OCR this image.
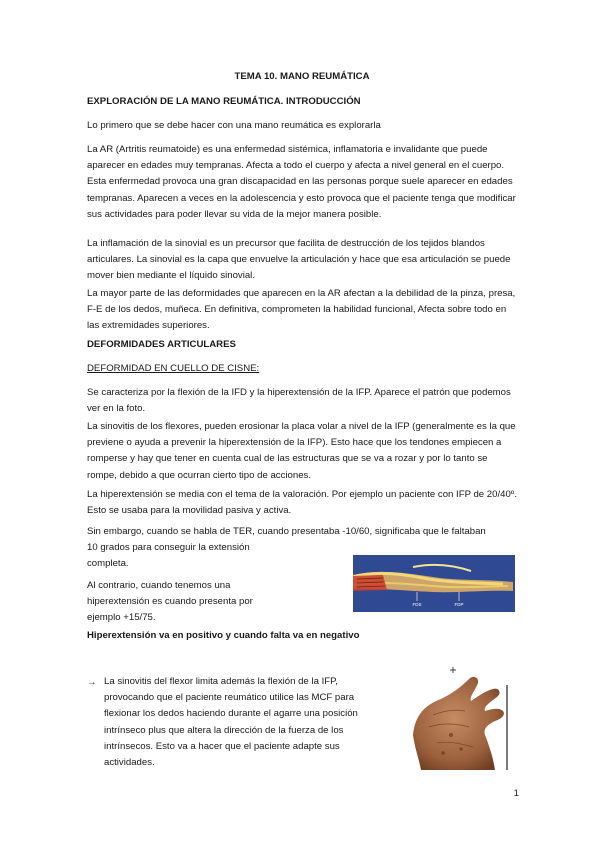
TEMA 10. MANO REUMÁTICA

EXPLORACIÓN DE LA MANO REUMÁTICA. INTRODUCCIÓN

Lo primero que se debe hacer con una mano reumática es explorarla

La AR (Artritis reumatoide) es una enfermedad sistémica, inflamatoria e invalidante que puede aparecer en edades muy tempranas. Afecta a todo el cuerpo y afecta a nivel general en el cuerpo. Esta enfermedad provoca una gran discapacidad en las personas porque suele aparecer en edades tempranas. Aparecen a veces en la adolescencia y esto provoca que el paciente tenga que modificar sus actividades para poder llevar su vida de la mejor manera posible.

La inflamación de la sinovial es un precursor que facilita de destrucción de los tejidos blandos articulares. La sinovial es la capa que envuelve la articulación y hace que esa articulación se puede mover bien mediante el líquido sinovial.

La mayor parte de las deformidades que aparecen en la AR afectan a la debilidad de la pinza, presa, F-E de los dedos, muñeca. En definitiva, comprometen la habilidad funcional, Afecta sobre todo en las extremidades superiores.

DEFORMIDADES ARTICULARES

DEFORMIDAD EN CUELLO DE CISNE:

Se caracteriza por la flexión de la IFD y la hiperextensión de la IFP. Aparece el patrón que podemos ver en la foto.

La sinovitis de los flexores, pueden erosionar la placa volar a nivel de la IFP (generalmente es la que previene o ayuda a prevenir la hiperextensión de la IFP). Esto hace que los tendones empiecen a romperse y hay que tener en cuenta cual de las estructuras que se va a rozar y por lo tanto se rompe, debido a que ocurran cierto tipo de acciones.

La hiperextensión se media con el tema de la valoración. Por ejemplo un paciente con IFP de 20/40º. Esto se usaba para la movilidad pasiva y activa.

Al contrario, cuando tenemos una hiperextensión es cuando presenta por ejemplo +15/75.

Hiperextensión va en positivo y cuando falta va en negativo

FDS	FDP
→ La sinovitis del flexor limita además la flexión de la IFP, provocando que el paciente reumático utilice las MCF para flexionar los dedos haciendo durante el agarre una posición intrínseco plus que altera la dirección de la fuerza de los intrínsecos. Esto va a hacer que el paciente adapte sus actividades.

1
Sin embargo, cuando se habla de TER, cuando presentaba -10/60, significaba que le faltaban
10 grados para conseguir la extensión
completa.
